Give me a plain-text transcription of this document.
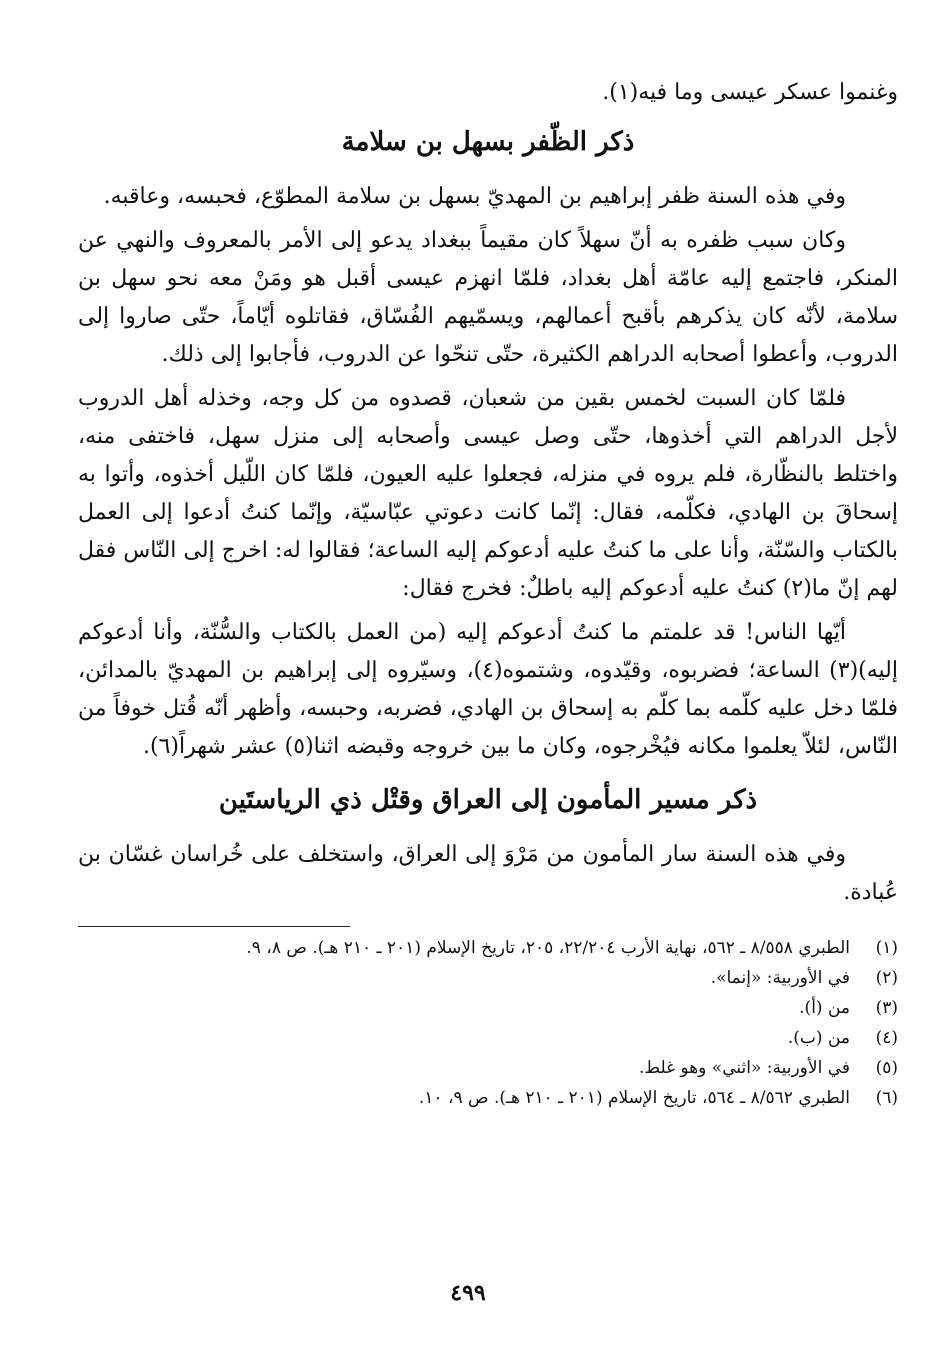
وغنموا عسكر عيسى وما فيه(١).

ذكر الظّفر بسهل بن سلامة

وفي هذه السنة ظفر إبراهيم بن المهديّ بسهل بن سلامة المطوّع، فحبسه، وعاقبه.

وكان سبب ظفره به أنّ سهلاً كان مقيماً ببغداد يدعو إلى الأمر بالمعروف والنهي عن المنكر، فاجتمع إليه عامّة أهل بغداد، فلمّا انهزم عيسى أقبل هو ومَنْ معه نحو سهل بن سلامة، لأنّه كان يذكرهم بأقبح أعمالهم، ويسمّيهم الفُسّاق، فقاتلوه أيّاماً، حتّى صاروا إلى الدروب، وأعطوا أصحابه الدراهم الكثيرة، حتّى تنحّوا عن الدروب، فأجابوا إلى ذلك.

فلمّا كان السبت لخمس بقين من شعبان، قصدوه من كل وجه، وخذله أهل الدروب لأجل الدراهم التي أخذوها، حتّى وصل عيسى وأصحابه إلى منزل سهل، فاختفى منه، واختلط بالنظّارة، فلم يروه في منزله، فجعلوا عليه العيون، فلمّا كان اللّيل أخذوه، وأتوا به إسحاقَ بن الهادي، فكلّمه، فقال: إنّما كانت دعوتي عبّاسيّة، وإنّما كنتُ أدعوا إلى العمل بالكتاب والسّنّة، وأنا على ما كنتُ عليه أدعوكم إليه الساعة؛ فقالوا له: اخرج إلى النّاس فقل لهم إنّ ما(٢) كنتُ عليه أدعوكم إليه باطلٌ: فخرج فقال:

أيّها الناس! قد علمتم ما كنتُ أدعوكم إليه (من العمل بالكتاب والسُّنّة، وأنا أدعوكم إليه)(٣) الساعة؛ فضربوه، وقيّدوه، وشتموه(٤)، وسيّروه إلى إبراهيم بن المهديّ بالمدائن، فلمّا دخل عليه كلّمه بما كلّم به إسحاق بن الهادي، فضربه، وحبسه، وأظهر أنّه قُتل خوفاً من النّاس، لئلاّ يعلموا مكانه فيُخْرجوه، وكان ما بين خروجه وقبضه اثنا(٥) عشر شهراً(٦).

ذكر مسير المأمون إلى العراق وقتْل ذي الرياستَين

وفي هذه السنة سار المأمون من مَرْوَ إلى العراق، واستخلف على خُراسان غسّان بن عُبادة.

(١)
الطبري ٨/٥٥٨ ـ ٥٦٢، نهاية الأرب ٢٢/٢٠٤، ٢٠٥، تاريخ الإسلام (٢٠١ ـ ٢١٠ هـ). ص ٨، ٩.
(٢)
في الأوربية: «إنما».
(٣)
من (أ).
(٤)
من (ب).
(٥)
في الأوربية: «اثني» وهو غلط.
(٦)
الطبري ٨/٥٦٢ ـ ٥٦٤، تاريخ الإسلام (٢٠١ ـ ٢١٠ هـ). ص ٩، ١٠.
٤٩٩
